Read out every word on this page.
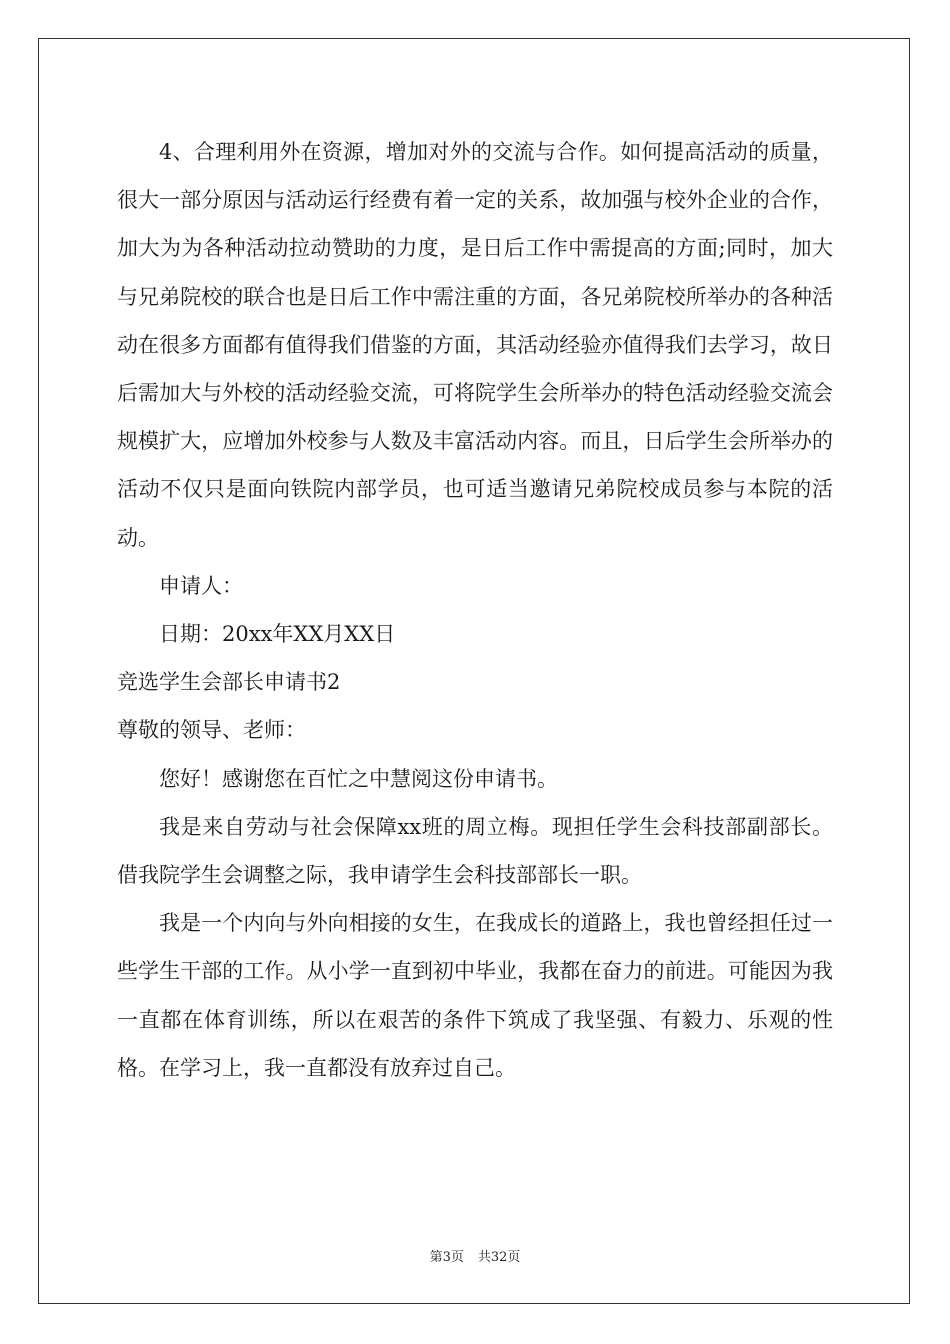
4、合理利用外在资源，增加对外的交流与合作。如何提高活动的质量，很大一部分原因与活动运行经费有着一定的关系，故加强与校外企业的合作，加大为为各种活动拉动赞助的力度，是日后工作中需提高的方面;同时，加大与兄弟院校的联合也是日后工作中需注重的方面，各兄弟院校所举办的各种活动在很多方面都有值得我们借鉴的方面，其活动经验亦值得我们去学习，故日后需加大与外校的活动经验交流，可将院学生会所举办的特色活动经验交流会规模扩大，应增加外校参与人数及丰富活动内容。而且，日后学生会所举办的活动不仅只是面向铁院内部学员，也可适当邀请兄弟院校成员参与本院的活动。

申请人：

日期：20xx年XX月XX日

竞选学生会部长申请书2

尊敬的领导、老师：

您好！感谢您在百忙之中慧阅这份申请书。

我是来自劳动与社会保障xx班的周立梅。现担任学生会科技部副部长。借我院学生会调整之际，我申请学生会科技部部长一职。

我是一个内向与外向相接的女生，在我成长的道路上，我也曾经担任过一些学生干部的工作。从小学一直到初中毕业，我都在奋力的前进。可能因为我一直都在体育训练，所以在艰苦的条件下筑成了我坚强、有毅力、乐观的性格。在学习上，我一直都没有放弃过自己。

第3页 共32页
